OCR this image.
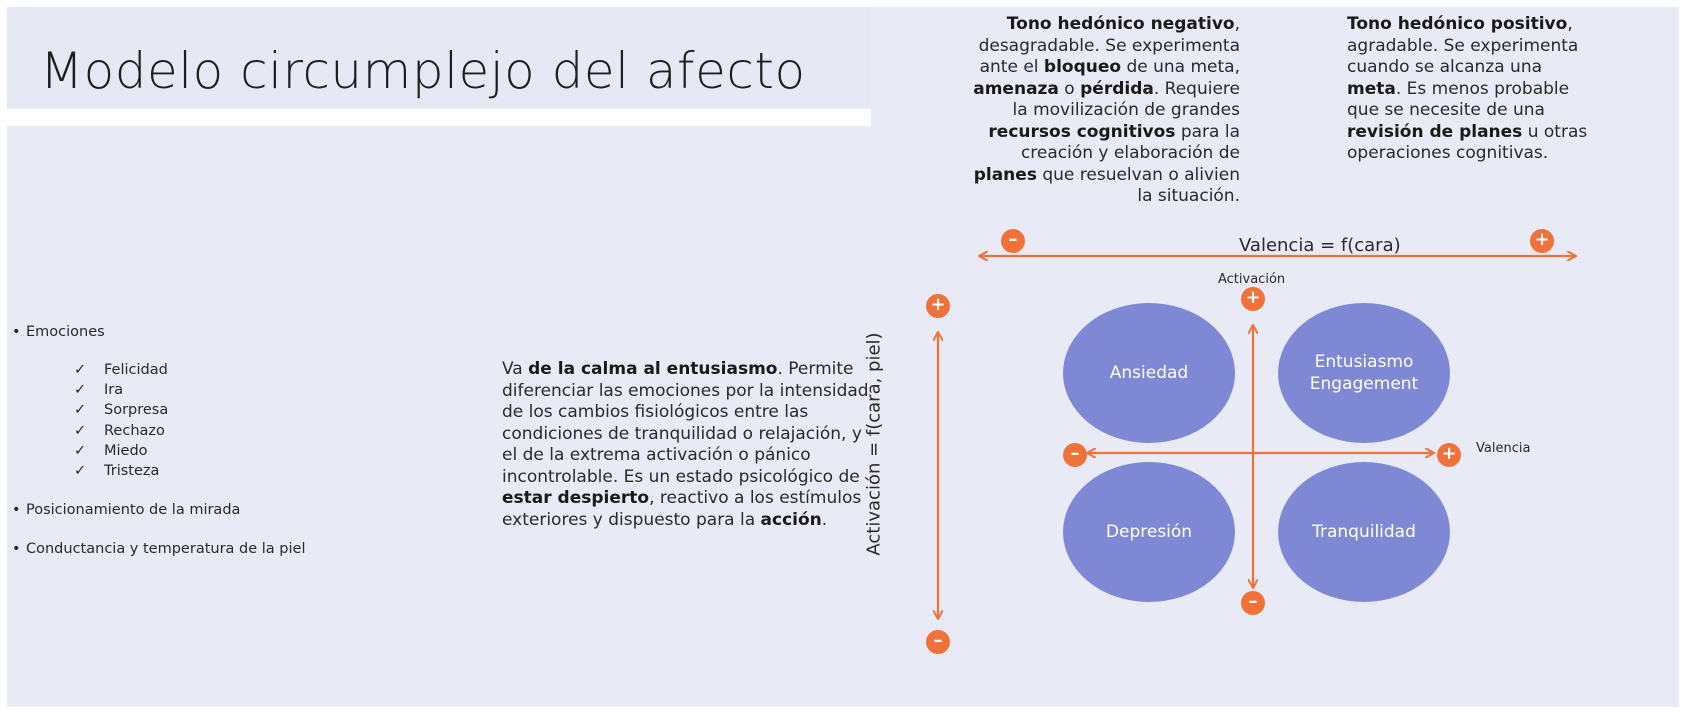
Modelo circumplejo del afecto
Tono hedónico negativo, desagradable. Se experimenta ante el bloqueo de una meta, amenaza o pérdida. Requiere la movilización de grandes recursos cognitivos para la creación y elaboración de planes que resuelvan o alivien la situación.
Tono hedónico positivo, agradable. Se experimenta cuando se alcanza una meta. Es menos probable que se necesite de una revisión de planes u otras operaciones cognitivas.
Va de la calma al entusiasmo. Permite diferenciar las emociones por la intensidad de los cambios fisiológicos entre las condiciones de tranquilidad o relajación, y el de la extrema activación o pánico incontrolable. Es un estado psicológico de estar despierto, reactivo a los estímulos exteriores y dispuesto para la acción.
• Emociones
✓ Felicidad
✓ Ira
✓ Sorpresa
✓ Rechazo
✓ Miedo
✓ Tristeza
• Posicionamiento de la mirada
• Conductancia y temperatura de la piel
Valencia = f(cara)
Activación = f(cara, piel)
Activación
Valencia
–	+
+
–
+
–
–	+
Ansiedad
Entusiasmo
Engagement
Depresión	Tranquilidad
